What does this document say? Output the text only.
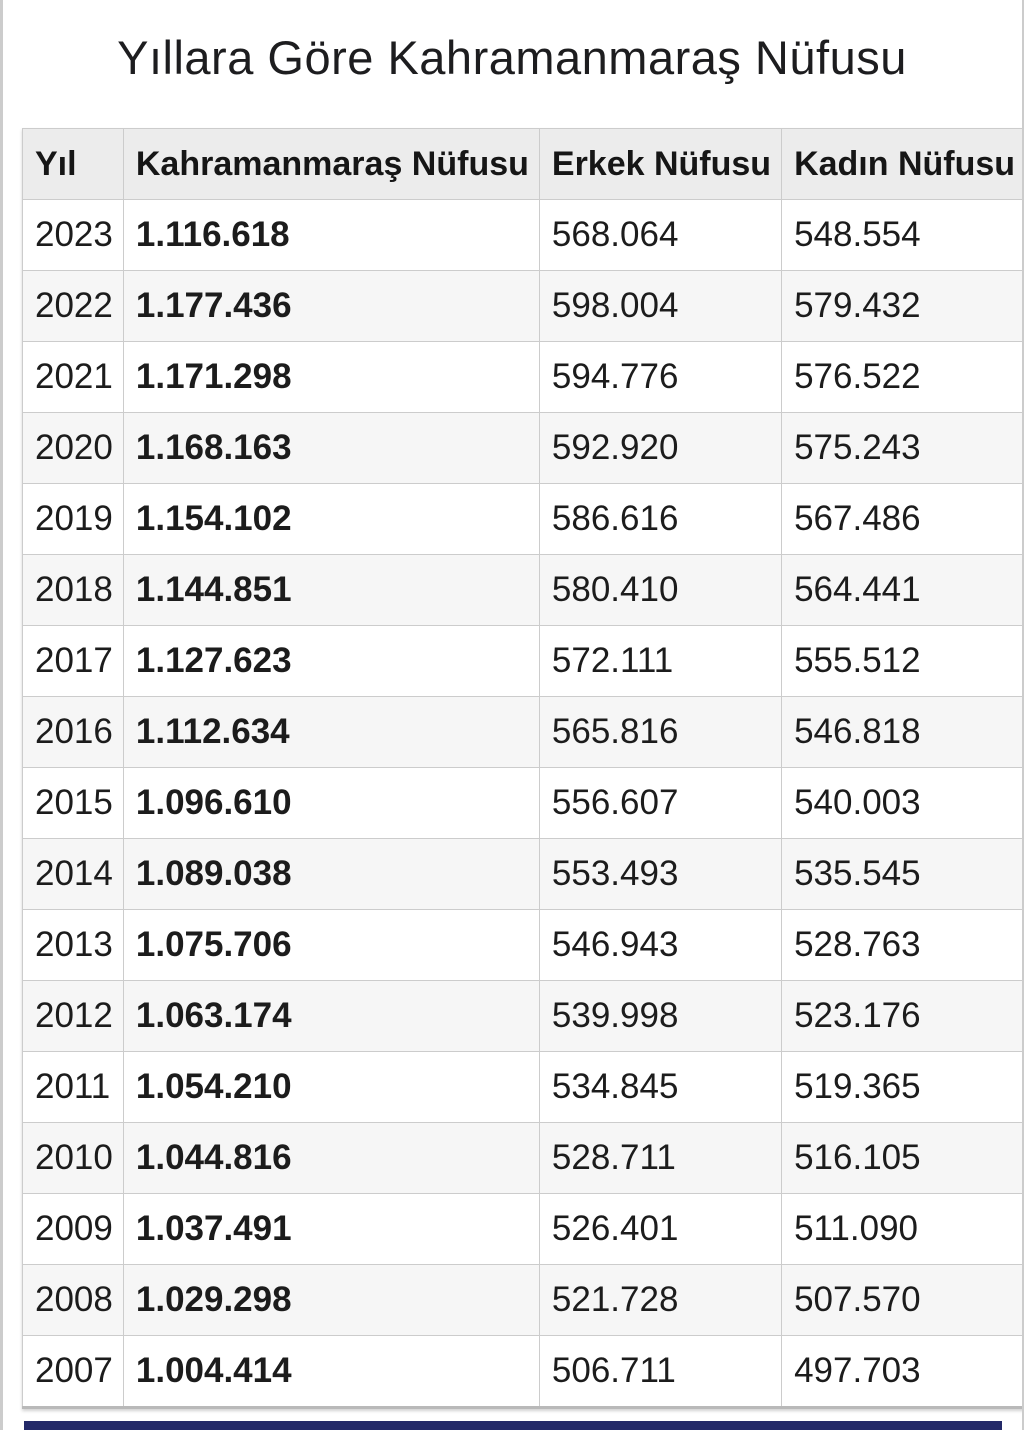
Yıllara Göre Kahramanmaraş Nüfusu
Yıl	Kahramanmaraş Nüfusu	Erkek Nüfusu	Kadın Nüfusu
2023	1.116.618	568.064	548.554
2022	1.177.436	598.004	579.432
2021	1.171.298	594.776	576.522
2020	1.168.163	592.920	575.243
2019	1.154.102	586.616	567.486
2018	1.144.851	580.410	564.441
2017	1.127.623	572.111	555.512
2016	1.112.634	565.816	546.818
2015	1.096.610	556.607	540.003
2014	1.089.038	553.493	535.545
2013	1.075.706	546.943	528.763
2012	1.063.174	539.998	523.176
2011	1.054.210	534.845	519.365
2010	1.044.816	528.711	516.105
2009	1.037.491	526.401	511.090
2008	1.029.298	521.728	507.570
2007	1.004.414	506.711	497.703
